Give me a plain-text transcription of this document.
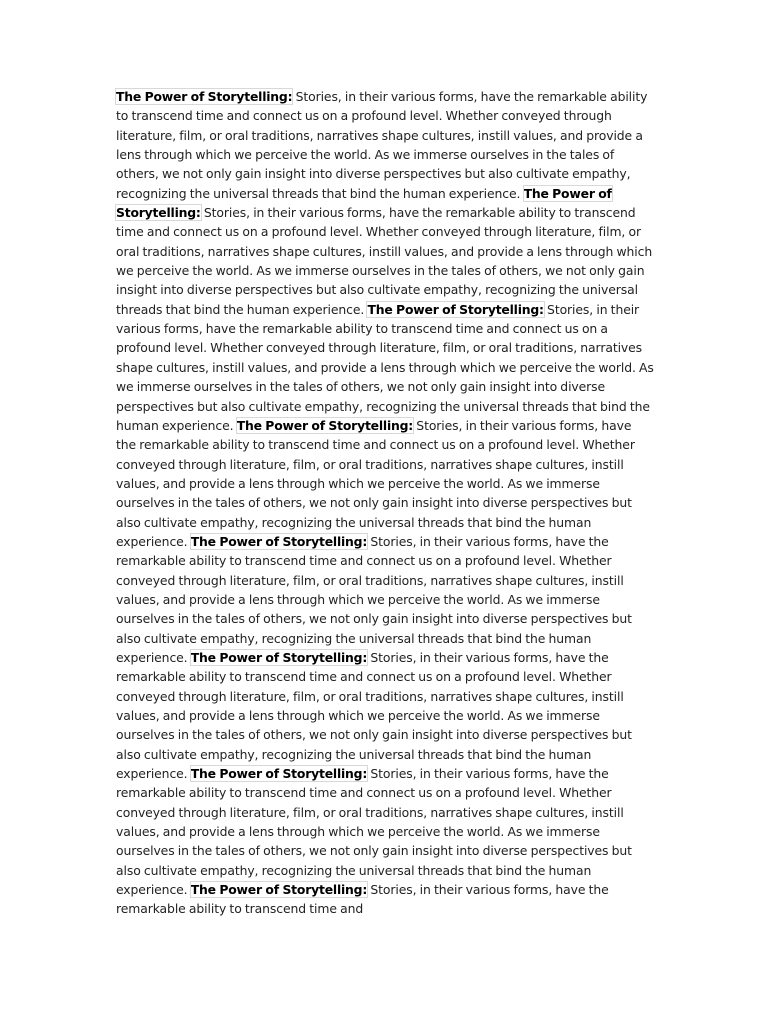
The Power of Storytelling: Stories, in their various forms, have the remarkable ability to transcend time and connect us on a profound level. Whether conveyed through literature, film, or oral traditions, narratives shape cultures, instill values, and provide a lens through which we perceive the world. As we immerse ourselves in the tales of others, we not only gain insight into diverse perspectives but also cultivate empathy, recognizing the universal threads that bind the human experience. The Power of Storytelling: Stories, in their various forms, have the remarkable ability to transcend time and connect us on a profound level. Whether conveyed through literature, film, or oral traditions, narratives shape cultures, instill values, and provide a lens through which we perceive the world. As we immerse ourselves in the tales of others, we not only gain insight into diverse perspectives but also cultivate empathy, recognizing the universal threads that bind the human experience. The Power of Storytelling: Stories, in their various forms, have the remarkable ability to transcend time and connect us on a profound level. Whether conveyed through literature, film, or oral traditions, narratives shape cultures, instill values, and provide a lens through which we perceive the world. As we immerse ourselves in the tales of others, we not only gain insight into diverse perspectives but also cultivate empathy, recognizing the universal threads that bind the human experience. The Power of Storytelling: Stories, in their various forms, have the remarkable ability to transcend time and connect us on a profound level. Whether conveyed through literature, film, or oral traditions, narratives shape cultures, instill values, and provide a lens through which we perceive the world. As we immerse ourselves in the tales of others, we not only gain insight into diverse perspectives but also cultivate empathy, recognizing the universal threads that bind the human experience. The Power of Storytelling: Stories, in their various forms, have the remarkable ability to transcend time and connect us on a profound level. Whether conveyed through literature, film, or oral traditions, narratives shape cultures, instill values, and provide a lens through which we perceive the world. As we immerse ourselves in the tales of others, we not only gain insight into diverse perspectives but also cultivate empathy, recognizing the universal threads that bind the human experience. The Power of Storytelling: Stories, in their various forms, have the remarkable ability to transcend time and connect us on a profound level. Whether conveyed through literature, film, or oral traditions, narratives shape cultures, instill values, and provide a lens through which we perceive the world. As we immerse ourselves in the tales of others, we not only gain insight into diverse perspectives but also cultivate empathy, recognizing the universal threads that bind the human experience. The Power of Storytelling: Stories, in their various forms, have the remarkable ability to transcend time and connect us on a profound level. Whether conveyed through literature, film, or oral traditions, narratives shape cultures, instill values, and provide a lens through which we perceive the world. As we immerse ourselves in the tales of others, we not only gain insight into diverse perspectives but also cultivate empathy, recognizing the universal threads that bind the human experience. The Power of Storytelling: Stories, in their various forms, have the remarkable ability to transcend time and
